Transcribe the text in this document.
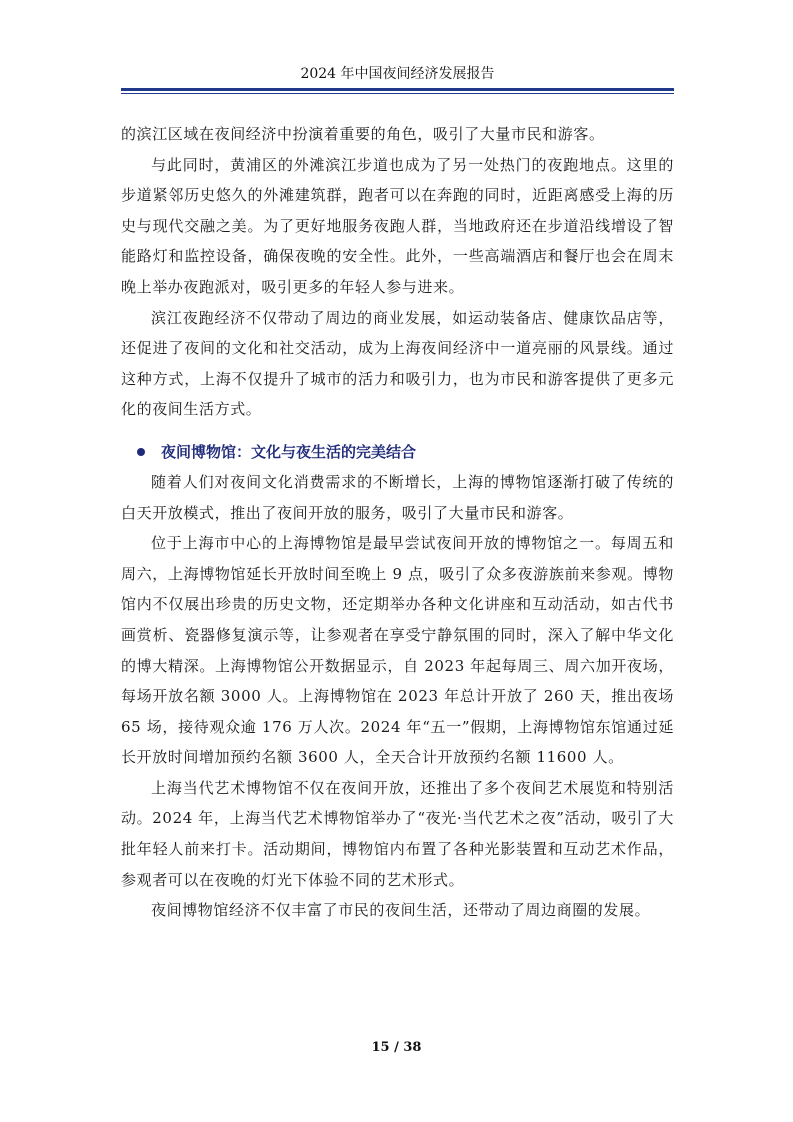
2024 年中国夜间经济发展报告

的滨江区域在夜间经济中扮演着重要的角色，吸引了大量市民和游客。

与此同时，黄浦区的外滩滨江步道也成为了另一处热门的夜跑地点。这里的步道紧邻历史悠久的外滩建筑群，跑者可以在奔跑的同时，近距离感受上海的历史与现代交融之美。为了更好地服务夜跑人群，当地政府还在步道沿线增设了智能路灯和监控设备，确保夜晚的安全性。此外，一些高端酒店和餐厅也会在周末晚上举办夜跑派对，吸引更多的年轻人参与进来。

滨江夜跑经济不仅带动了周边的商业发展，如运动装备店、健康饮品店等，还促进了夜间的文化和社交活动，成为上海夜间经济中一道亮丽的风景线。通过这种方式，上海不仅提升了城市的活力和吸引力，也为市民和游客提供了更多元化的夜间生活方式。

夜间博物馆：文化与夜生活的完美结合

随着人们对夜间文化消费需求的不断增长，上海的博物馆逐渐打破了传统的白天开放模式，推出了夜间开放的服务，吸引了大量市民和游客。

位于上海市中心的上海博物馆是最早尝试夜间开放的博物馆之一。每周五和周六，上海博物馆延长开放时间至晚上 9 点，吸引了众多夜游族前来参观。博物馆内不仅展出珍贵的历史文物，还定期举办各种文化讲座和互动活动，如古代书画赏析、瓷器修复演示等，让参观者在享受宁静氛围的同时，深入了解中华文化的博大精深。上海博物馆公开数据显示，自 2023 年起每周三、周六加开夜场，每场开放名额 3000 人。上海博物馆在 2023 年总计开放了 260 天，推出夜场 65 场，接待观众逾 176 万人次。2024 年“五一”假期，上海博物馆东馆通过延长开放时间增加预约名额 3600 人，全天合计开放预约名额 11600 人。

上海当代艺术博物馆不仅在夜间开放，还推出了多个夜间艺术展览和特别活动。2024 年，上海当代艺术博物馆举办了“夜光·当代艺术之夜”活动，吸引了大批年轻人前来打卡。活动期间，博物馆内布置了各种光影装置和互动艺术作品，参观者可以在夜晚的灯光下体验不同的艺术形式。

夜间博物馆经济不仅丰富了市民的夜间生活，还带动了周边商圈的发展。

15 / 38
